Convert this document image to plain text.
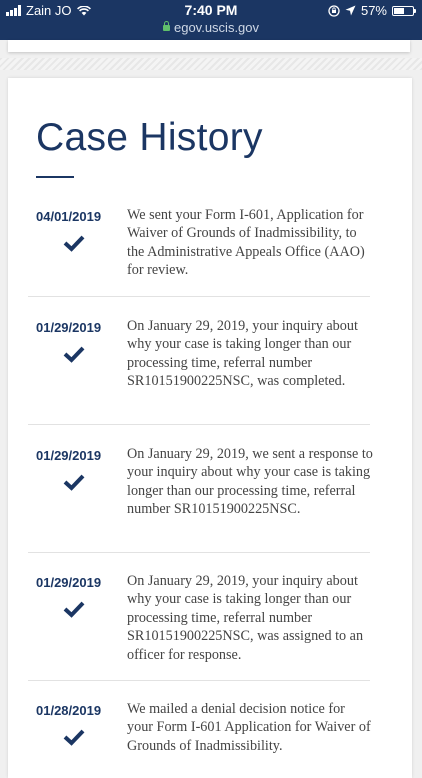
Zain JO	7:40 PM
egov.uscis.gov
57%
Case History
04/01/2019	We sent your Form I-601, Application for Waiver of Grounds of Inadmissibility, to the Administrative Appeals Office (AAO) for review.
01/29/2019	On January 29, 2019, your inquiry about why your case is taking longer than our processing time, referral number SR10151900225NSC, was completed.
01/29/2019	On January 29, 2019, we sent a response to your inquiry about why your case is taking longer than our processing time, referral number SR10151900225NSC.
01/29/2019	On January 29, 2019, your inquiry about why your case is taking longer than our processing time, referral number SR10151900225NSC, was assigned to an officer for response.
01/28/2019	We mailed a denial decision notice for your Form I-601 Application for Waiver of Grounds of Inadmissibility.
